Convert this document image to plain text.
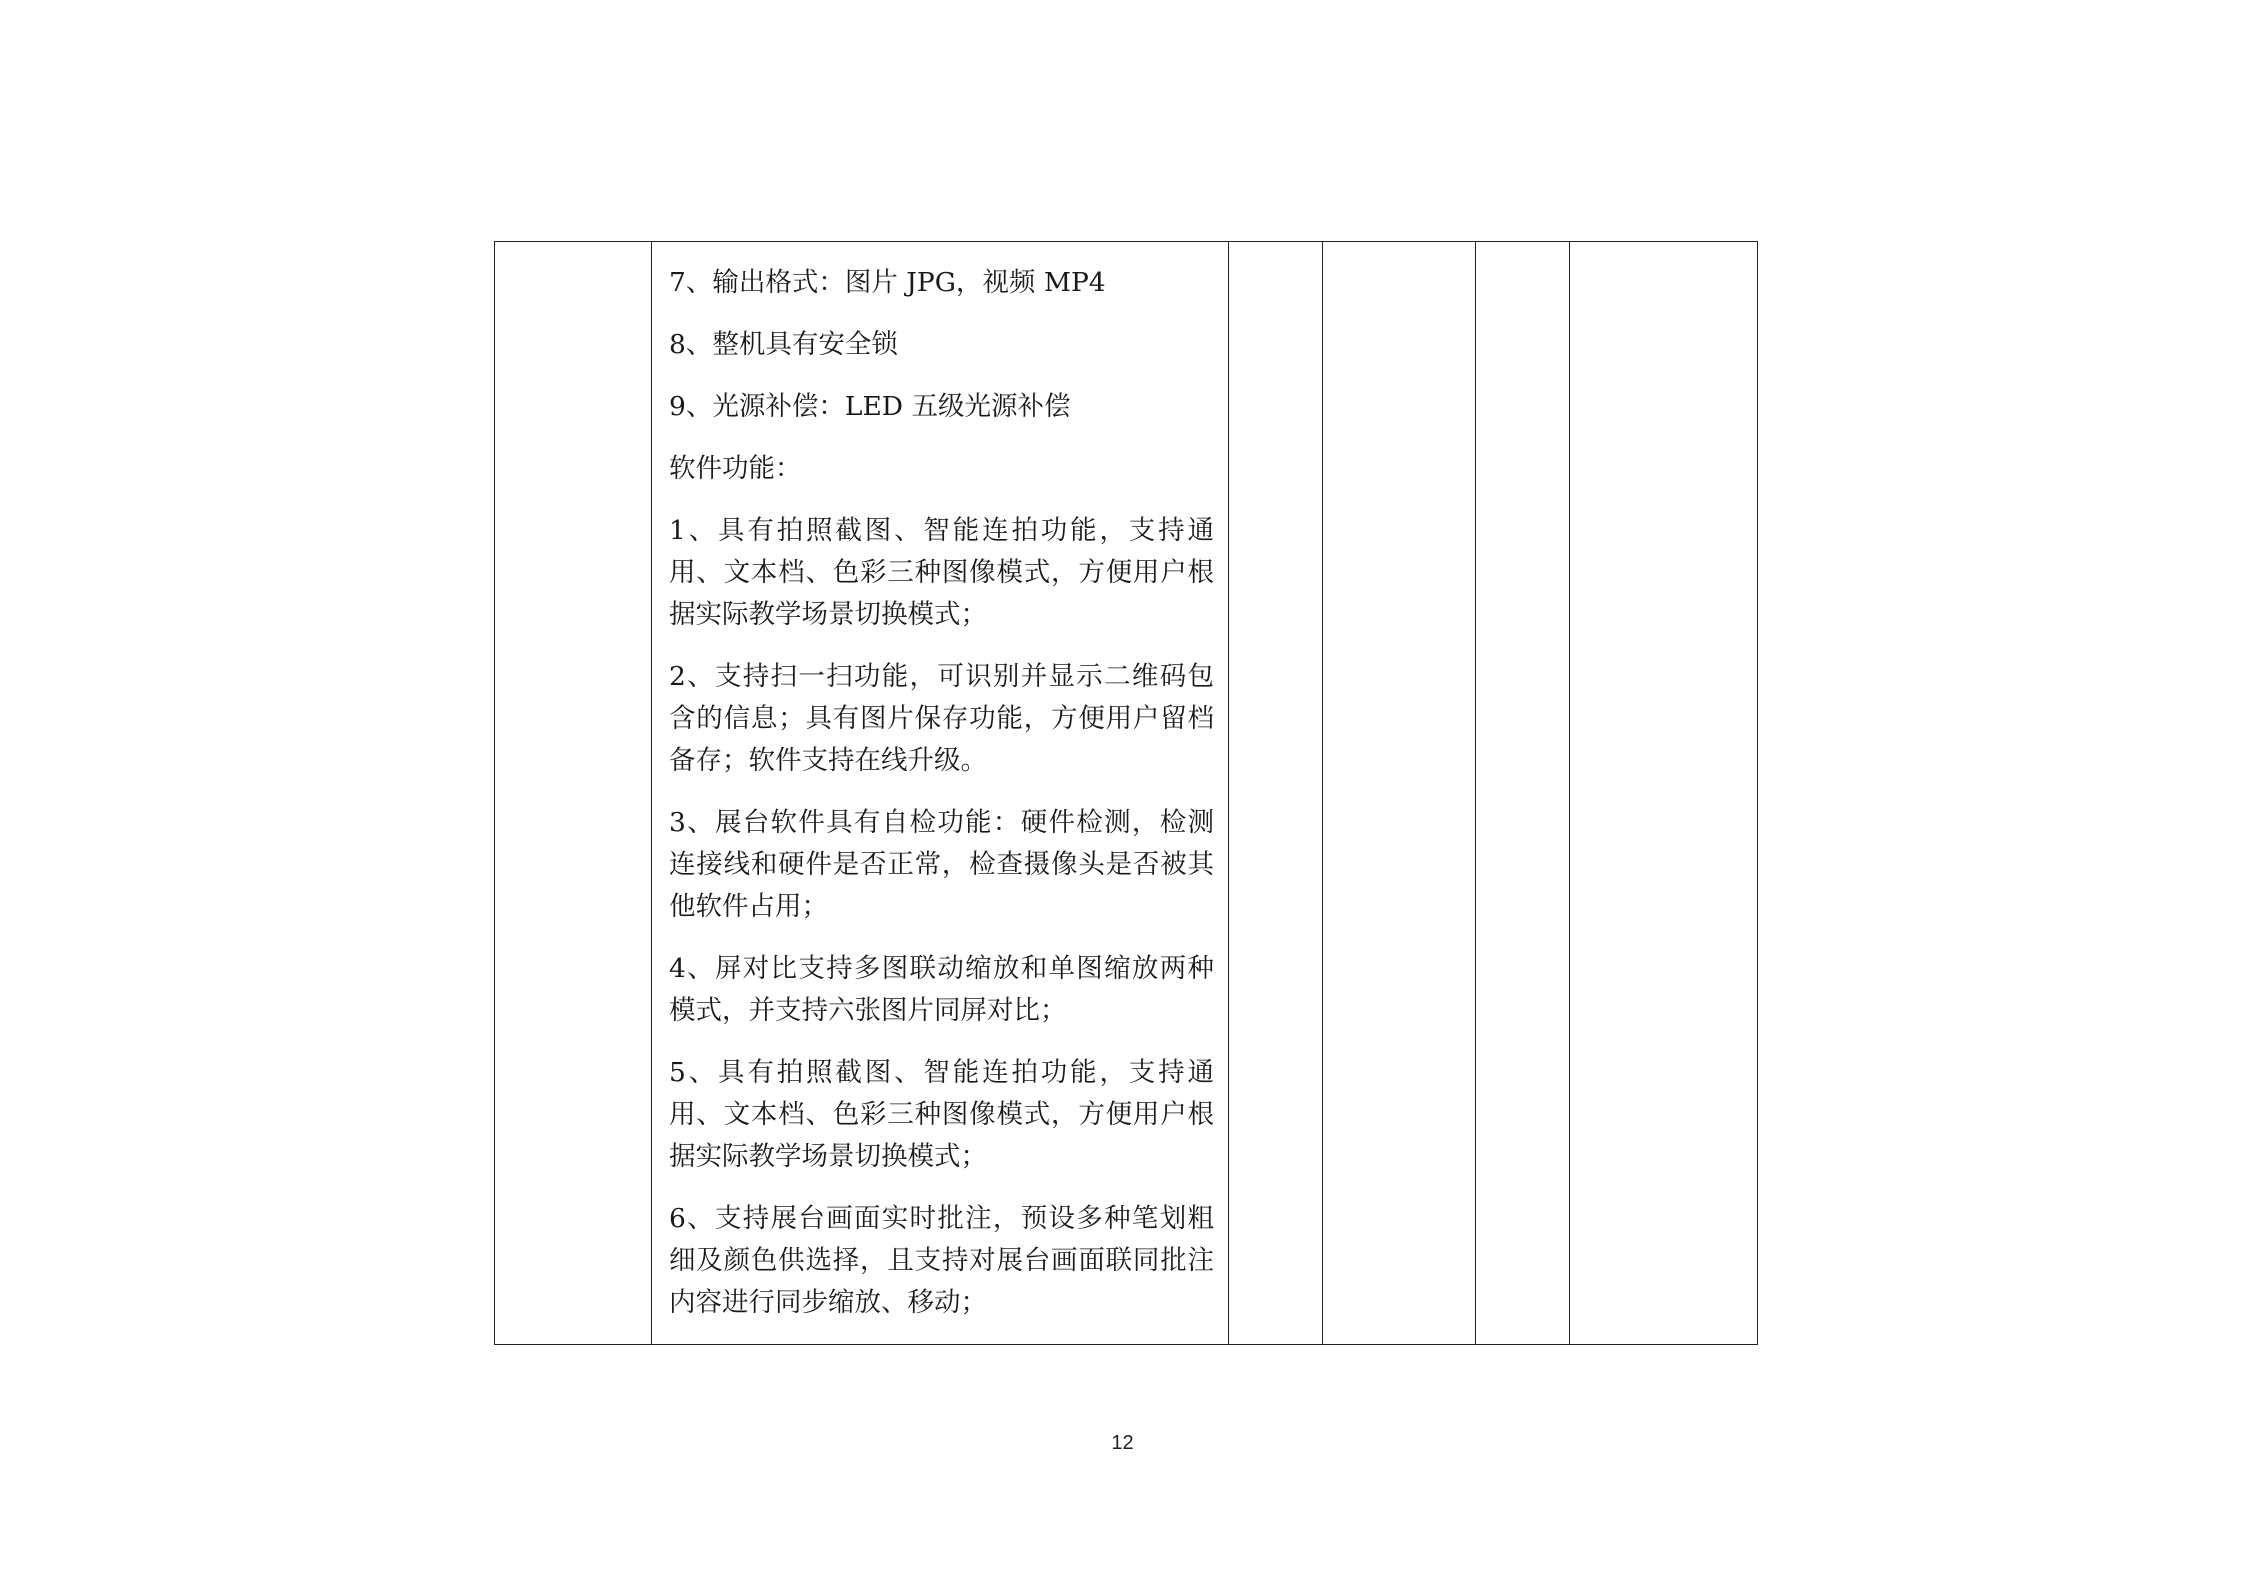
7、输出格式：图片 JPG，视频 MP4

8、整机具有安全锁

9、光源补偿：LED 五级光源补偿

软件功能：

1、具有拍照截图、智能连拍功能，支持通用、文本档、色彩三种图像模式，方便用户根据实际教学场景切换模式；

2、支持扫一扫功能，可识别并显示二维码包含的信息；具有图片保存功能，方便用户留档备存；软件支持在线升级。

3、展台软件具有自检功能：硬件检测，检测连接线和硬件是否正常，检查摄像头是否被其他软件占用；

4、屏对比支持多图联动缩放和单图缩放两种模式，并支持六张图片同屏对比；

5、具有拍照截图、智能连拍功能，支持通用、文本档、色彩三种图像模式，方便用户根据实际教学场景切换模式；

6、支持展台画面实时批注，预设多种笔划粗细及颜色供选择，且支持对展台画面联同批注内容进行同步缩放、移动；

12
